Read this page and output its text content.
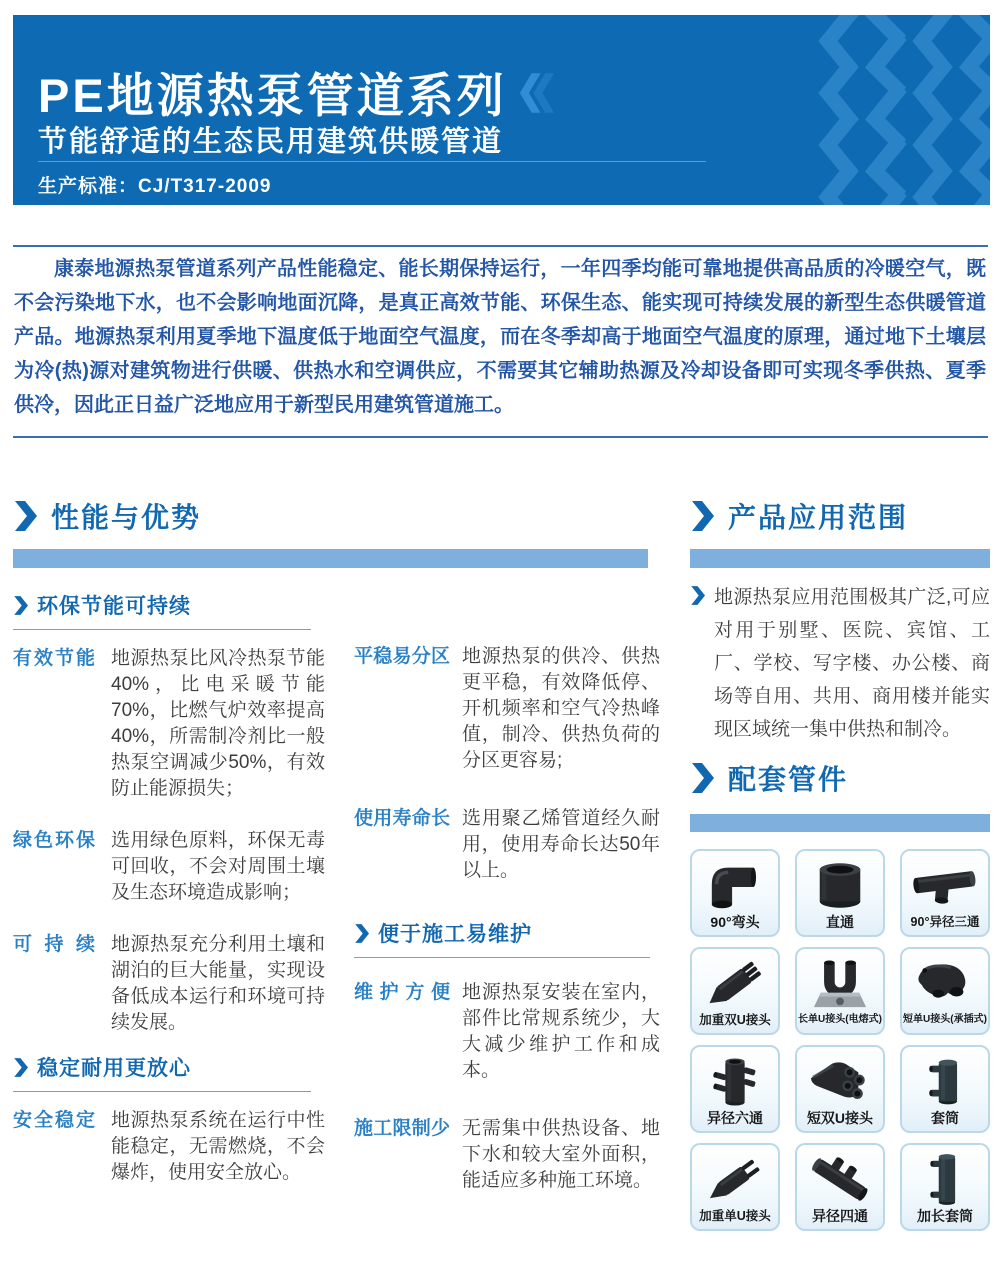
PE地源热泵管道系列
节能舒适的生态民用建筑供暖管道
生产标准：CJ/T317-2009
康泰地源热泵管道系列产品性能稳定、能长期保持运行，一年四季均能可靠地提供高品质的冷暖空气，既不会污染地下水，也不会影响地面沉降，是真正高效节能、环保生态、能实现可持续发展的新型生态供暖管道产品。地源热泵利用夏季地下温度低于地面空气温度，而在冬季却高于地面空气温度的原理，通过地下土壤层为冷(热)源对建筑物进行供暖、供热水和空调供应，不需要其它辅助热源及冷却设备即可实现冬季供热、夏季供冷，因此正日益广泛地应用于新型民用建筑管道施工。
性能与优势
环保节能可持续
有效节能 地源热泵比风冷热泵节能40%，比电采暖节能70%，比燃气炉效率提高40%，所需制冷剂比一般热泵空调减少50%，有效防止能源损失；
绿色环保 选用绿色原料，环保无毒可回收，不会对周围土壤及生态环境造成影响；
可持续 地源热泵充分利用土壤和湖泊的巨大能量，实现设备低成本运行和环境可持续发展。
稳定耐用更放心
安全稳定 地源热泵系统在运行中性能稳定，无需燃烧，不会爆炸，使用安全放心。
平稳易分区 地源热泵的供冷、供热更平稳，有效降低停、开机频率和空气冷热峰值，制冷、供热负荷的分区更容易;
使用寿命长 选用聚乙烯管道经久耐用，使用寿命长达50年以上。
便于施工易维护
维护方便 地源热泵安装在室内，部件比常规系统少，大大减少维护工作和成本。
施工限制少 无需集中供热设备、地下水和较大室外面积，能适应多种施工环境。
产品应用范围
地源热泵应用范围极其广泛,可应对用于别墅、医院、宾馆、工厂、学校、写字楼、办公楼、商场等自用、共用、商用楼并能实现区域统一集中供热和制冷。
配套管件
90°弯头	直通	90°异径三通
加重双U接头	长单U接头(电熔式) 短单U接头(承插式)
异径六通	短双U接头	套筒
加重单U接头	异径四通	加长套筒
